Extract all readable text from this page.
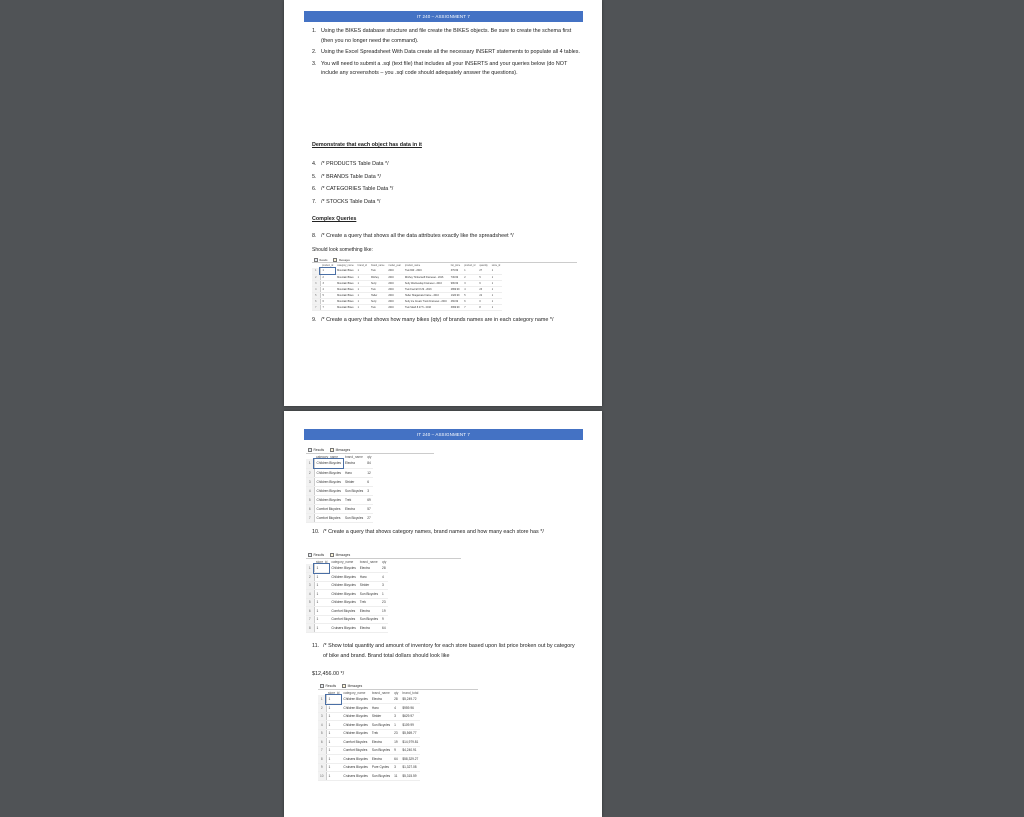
IT 240 – ASSIGNMENT 7
1. Using the BIKES database structure and file create the BIKES objects. Be sure to create the schema first (then you no longer need the command).
2. Using the Excel Spreadsheet With Data create all the necessary INSERT statements to populate all 4 tables.
3. You will need to submit a .sql (text file) that includes all your INSERTS and your queries below (do NOT include any screenshots – you .sql code should adequately answer the questions).
Demonstrate that each object has data in it
4. /* PRODUCTS Table Data */
5. /* BRANDS Table Data */
6. /* CATEGORIES Table Data */
7. /* STOCKS Table Data */
Complex Queries
8. /* Create a query that shows all the data attributes exactly like the spreadsheet */
Should look something like:
Results	Messages
	product_id	category_name	brand_id	brand_name	model_year	product_name	list_price	product_id	quantity	store_id
1	1	Mountain Bikes	1	Trek	2016	Trek 820 - 2016	379.99	1	27	1
2	2	Mountain Bikes	1	Ritchey	2016	Ritchey Timberwolf Frameset - 2016	749.99	2	5	1
3	3	Mountain Bikes	1	Surly	2016	Surly Wednesday Frameset - 2016	999.99	3	6	1
4	4	Mountain Bikes	1	Trek	2016	Trek Fuel EX 8 29 - 2016	2899.99	4	23	1
5	5	Mountain Bikes	1	Heller	2016	Heller Shagamaw Frame - 2016	1320.99	5	22	1
6	6	Mountain Bikes	1	Surly	2016	Surly Ice Cream Truck Frameset - 2016	469.99	6	0	1
7	7	Mountain Bikes	1	Trek	2016	Trek Slash 8 27.5 - 2016	3999.99	7	8	1
9. /* Create a query that shows how many bikes (qty) of brands names are in each category name */
IT 240 – ASSIGNMENT 7
Results	Messages
	category_name	brand_name	qty
1	Children Bicycles	Electra	84
2	Children Bicycles	Haro	12
3	Children Bicycles	Strider	6
4	Children Bicycles	Sun Bicycles	3
5	Children Bicycles	Trek	69
6	Comfort Bicycles	Electra	57
7	Comfort Bicycles	Sun Bicycles	27
10. /* Create a query that shows category names, brand names and how many each store has */
Results	Messages
	store_id	category_name	brand_name	qty
1	1	Children Bicycles	Electra	28
2	1	Children Bicycles	Haro	4
3	1	Children Bicycles	Strider	3
4	1	Children Bicycles	Sun Bicycles	1
5	1	Children Bicycles	Trek	23
6	1	Comfort Bicycles	Electra	19
7	1	Comfort Bicycles	Sun Bicycles	9
8	1	Cruisers Bicycles	Electra	64
11. /* Show total quantity and amount of inventory for each store based upon list price broken out by category of bike and brand. Brand total dollars should look like
$12,456.00 */
Results	Messages
	store_id	category_name	brand_name	qty	brand_total
1	1	Children Bicycles	Electra	28	$5,249.72
2	1	Children Bicycles	Haro	4	$959.96
3	1	Children Bicycles	Strider	3	$629.97
4	1	Children Bicycles	Sun Bicycles	1	$109.99
5	1	Children Bicycles	Trek	23	$5,569.77
6	1	Comfort Bicycles	Electra	19	$14,979.81
7	1	Comfort Bicycles	Sun Bicycles	9	$4,240.91
8	1	Cruisers Bicycles	Electra	64	$58,329.27
9	1	Cruisers Bicycles	Pure Cycles	3	$1,327.08
10	1	Cruisers Bicycles	Sun Bicycles	11	$5,315.59
